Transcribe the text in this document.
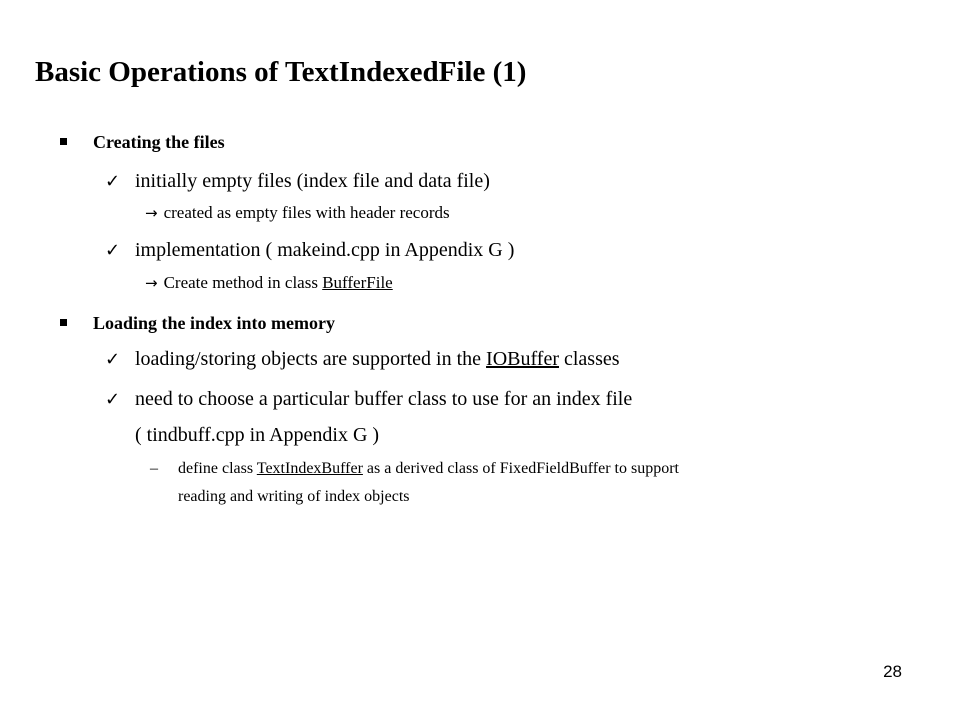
Basic Operations of TextIndexedFile (1)
Creating the files
✓ initially empty files (index file and data file)
→ created as empty files with header records
✓ implementation ( makeind.cpp in Appendix G )
→ Create method in class BufferFile
Loading the index into memory
✓ loading/storing objects are supported in the IOBuffer classes
✓ need to choose a particular buffer class to use for an index file
( tindbuff.cpp in Appendix G )
– define class TextIndexBuffer as a derived class of FixedFieldBuffer to support
reading and writing of index objects
28
